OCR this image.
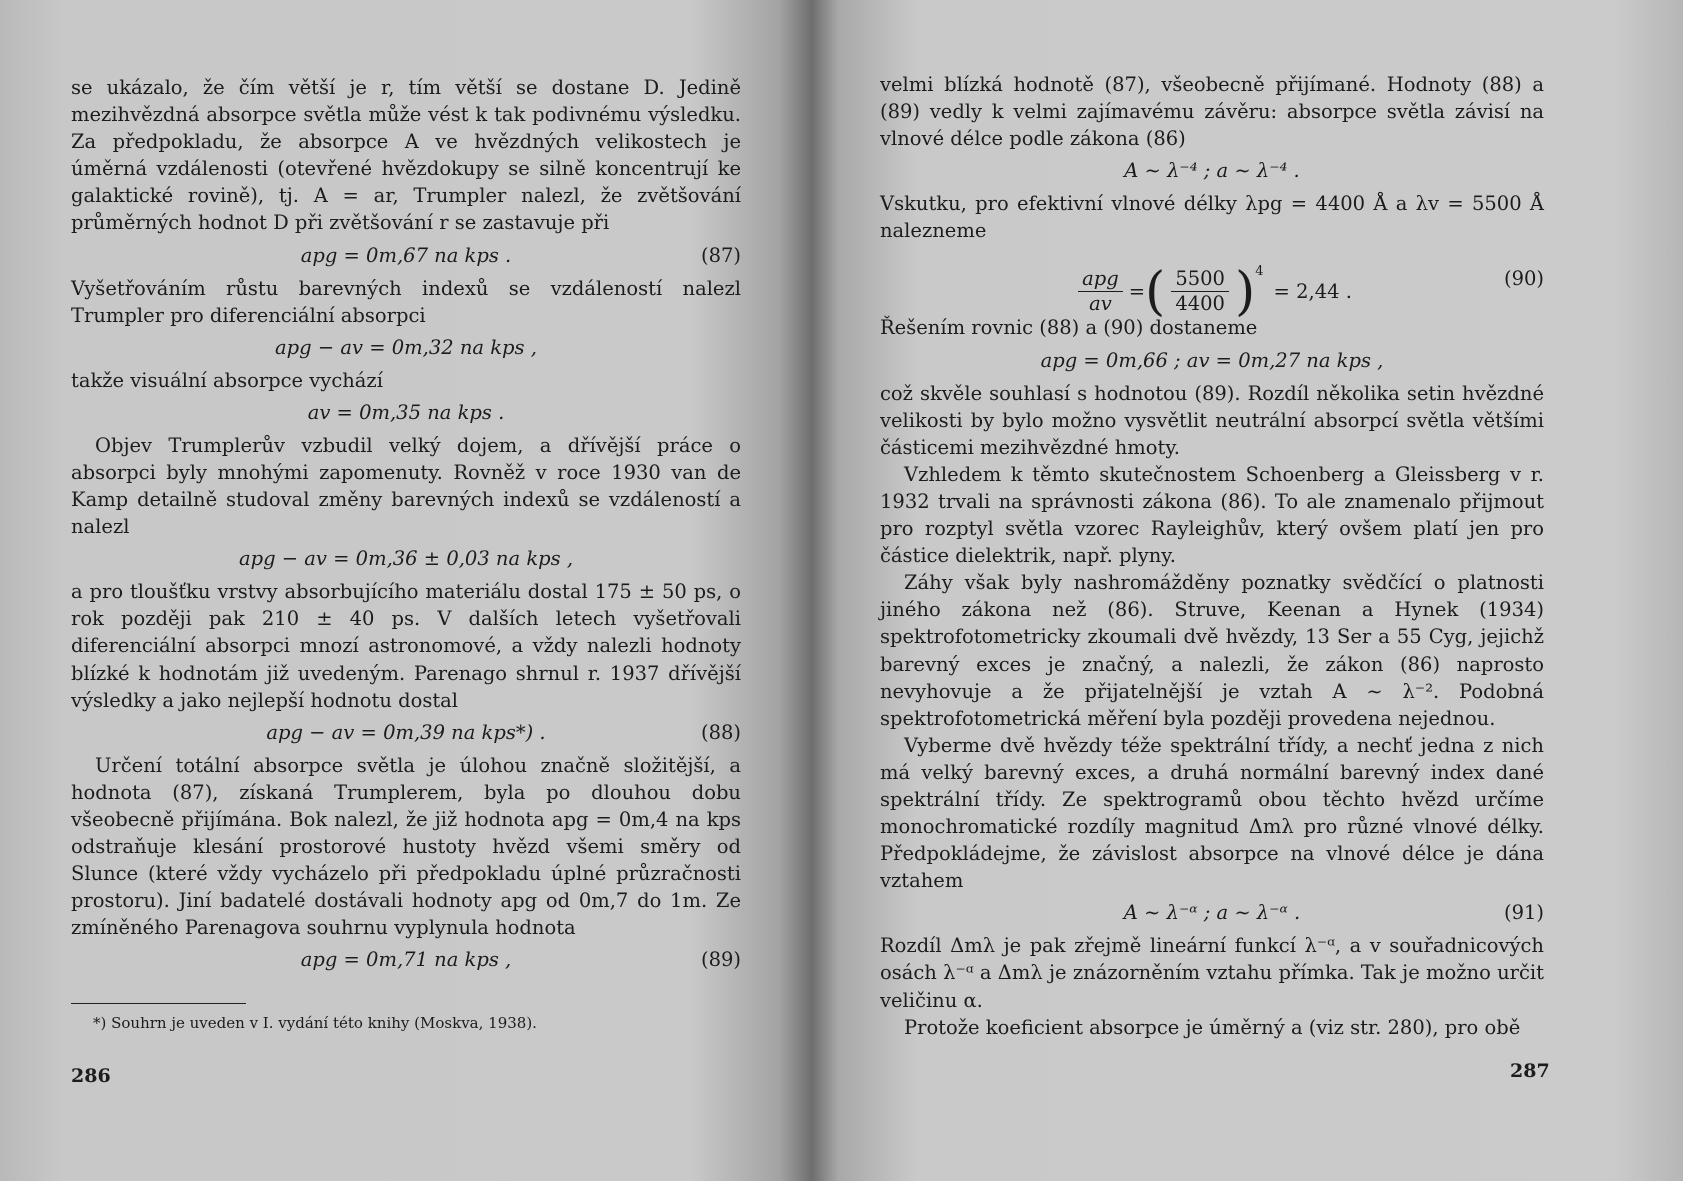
se ukázalo, že čím větší je r, tím větší se dostane D. Jedině mezihvězdná absorpce světla může vést k tak podivnému výsledku. Za předpokladu, že absorpce A ve hvězdných velikostech je úměrná vzdálenosti (otevřené hvězdokupy se silně koncentrují ke galaktické rovině), tj. A = ar, Trumpler nalezl, že zvětšování průměrných hodnot D při zvětšování r se zastavuje při

apg = 0m,67 na kps .	(87)

Vyšetřováním růstu barevných indexů se vzdáleností nalezl Trumpler pro diferenciální absorpci

apg − av = 0m,32 na kps ,

takže visuální absorpce vychází

av = 0m,35 na kps .

Objev Trumplerův vzbudil velký dojem, a dřívější práce o absorpci byly mnohými zapomenuty. Rovněž v roce 1930 van de Kamp detailně studoval změny barevných indexů se vzdáleností a nalezl

apg − av = 0m,36 ± 0,03 na kps ,

a pro tloušťku vrstvy absorbujícího materiálu dostal 175 ± 50 ps, o rok později pak 210 ± 40 ps. V dalších letech vyšetřovali diferenciální absorpci mnozí astronomové, a vždy nalezli hodnoty blízké k hodnotám již uvedeným. Parenago shrnul r. 1937 dřívější výsledky a jako nejlepší hodnotu dostal

apg − av = 0m,39 na kps*) .	(88)

Určení totální absorpce světla je úlohou značně složitější, a hodnota (87), získaná Trumplerem, byla po dlouhou dobu všeobecně přijímána. Bok nalezl, že již hodnota apg = 0m,4 na kps odstraňuje klesání prostorové hustoty hvězd všemi směry od Slunce (které vždy vycházelo při předpokladu úplné průzračnosti prostoru). Jiní badatelé dostávali hodnoty apg od 0m,7 do 1m. Ze zmíněného Parenagova souhrnu vyplynula hodnota

apg = 0m,71 na kps ,	(89)
*) Souhrn je uveden v I. vydání této knihy (Moskva, 1938).
286

velmi blízká hodnotě (87), všeobecně přijímané. Hodnoty (88) a (89) vedly k velmi zajímavému závěru: absorpce světla závisí na vlnové délce podle zákona (86)

A ∼ λ⁻⁴ ; a ∼ λ⁻⁴ .

Vskutku, pro efektivní vlnové délky λpg = 4400 Å a λv = 5500 Å nalezneme

apg
av
= ( $\frac{5500}{4400} )^4$
= 2,44 .
(90)

Řešením rovnic (88) a (90) dostaneme

apg = 0m,66 ; av = 0m,27 na kps ,

což skvěle souhlasí s hodnotou (89). Rozdíl několika setin hvězdné velikosti by bylo možno vysvětlit neutrální absorpcí světla většími částicemi mezihvězdné hmoty.

Vzhledem k těmto skutečnostem Schoenberg a Gleissberg v r. 1932 trvali na správnosti zákona (86). To ale znamenalo přijmout pro rozptyl světla vzorec Rayleighův, který ovšem platí jen pro částice dielektrik, např. plyny.

Záhy však byly nashromážděny poznatky svědčící o platnosti jiného zákona než (86). Struve, Keenan a Hynek (1934) spektrofotometricky zkoumali dvě hvězdy, 13 Ser a 55 Cyg, jejichž barevný exces je značný, a nalezli, že zákon (86) naprosto nevyhovuje a že přijatelnější je vztah A ∼ λ⁻². Podobná spektrofotometrická měření byla později provedena nejednou.

Vyberme dvě hvězdy téže spektrální třídy, a nechť jedna z nich má velký barevný exces, a druhá normální barevný index dané spektrální třídy. Ze spektrogramů obou těchto hvězd určíme monochromatické rozdíly magnitud Δmλ pro různé vlnové délky. Předpokládejme, že závislost absorpce na vlnové délce je dána vztahem

A ∼ λ⁻ᵅ ; a ∼ λ⁻ᵅ .	(91)

Rozdíl Δmλ je pak zřejmě lineární funkcí λ⁻ᵅ, a v souřadnicových osách λ⁻ᵅ a Δmλ je znázorněním vztahu přímka. Tak je možno určit veličinu α.

Protože koeficient absorpce je úměrný a (viz str. 280), pro obě

287
